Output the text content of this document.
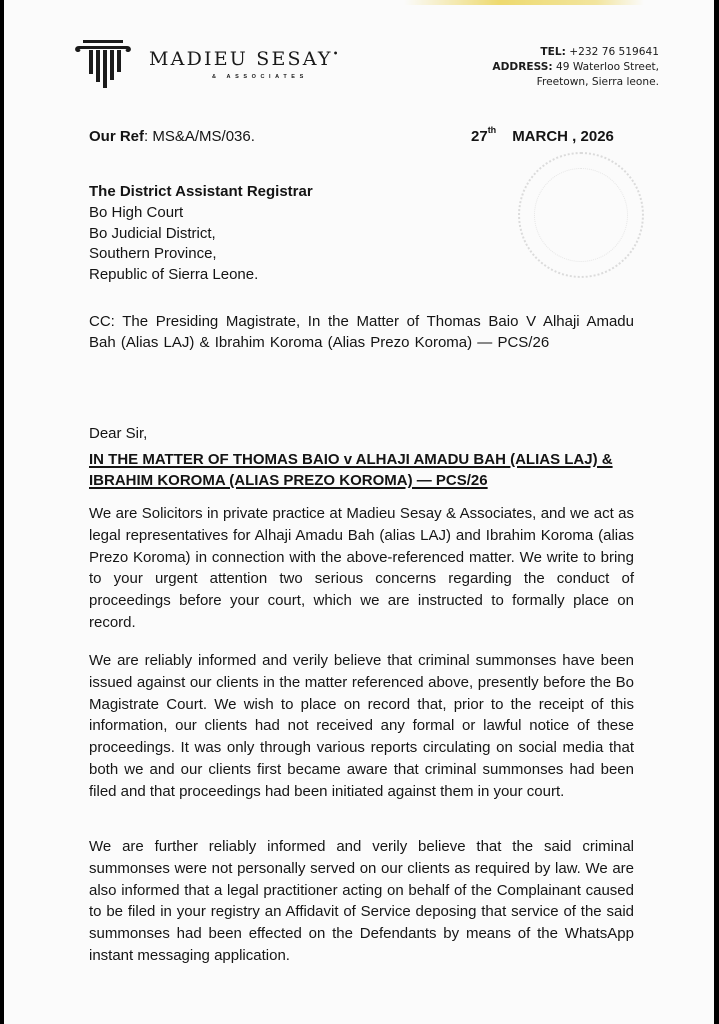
MADIEU SESAY•
& ASSOCIATES
TEL: +232 76 519641
ADDRESS: 49 Waterloo Street,
Freetown, Sierra leone.
Our Ref: MS&A/MS/036.	27th MARCH , 2026
The District Assistant Registrar
Bo High Court
Bo Judicial District,
Southern Province,
Republic of Sierra Leone.
CC: The Presiding Magistrate, In the Matter of Thomas Baio V Alhaji Amadu Bah (Alias LAJ) & Ibrahim Koroma (Alias Prezo Koroma) — PCS/26
Dear Sir,
IN THE MATTER OF THOMAS BAIO v ALHAJI AMADU BAH (ALIAS LAJ) & IBRAHIM KOROMA (ALIAS PREZO KOROMA) — PCS/26
We are Solicitors in private practice at Madieu Sesay & Associates, and we act as legal representatives for Alhaji Amadu Bah (alias LAJ) and Ibrahim Koroma (alias Prezo Koroma) in connection with the above-referenced matter. We write to bring to your urgent attention two serious concerns regarding the conduct of proceedings before your court, which we are instructed to formally place on record.
We are reliably informed and verily believe that criminal summonses have been issued against our clients in the matter referenced above, presently before the Bo Magistrate Court. We wish to place on record that, prior to the receipt of this information, our clients had not received any formal or lawful notice of these proceedings. It was only through various reports circulating on social media that both we and our clients first became aware that criminal summonses had been filed and that proceedings had been initiated against them in your court.
We are further reliably informed and verily believe that the said criminal summonses were not personally served on our clients as required by law. We are also informed that a legal practitioner acting on behalf of the Complainant caused to be filed in your registry an Affidavit of Service deposing that service of the said summonses had been effected on the Defendants by means of the WhatsApp instant messaging application.
